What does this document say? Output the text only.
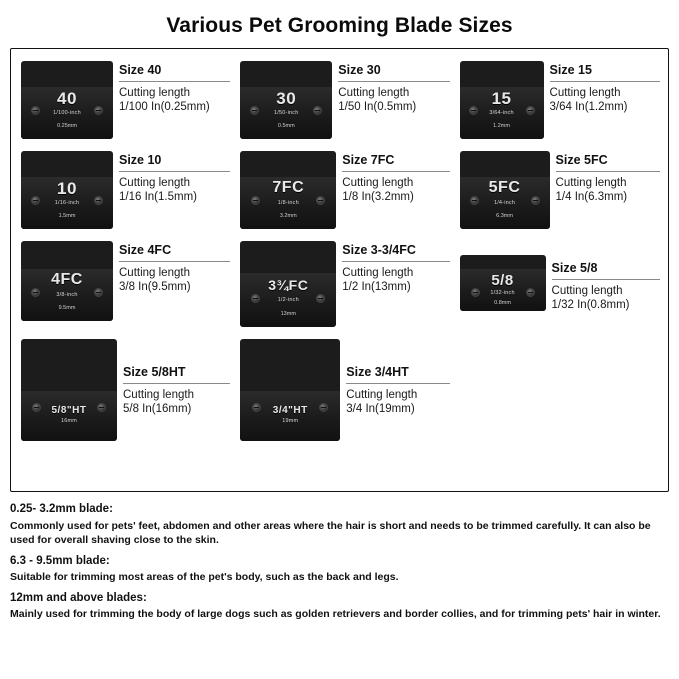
Various Pet Grooming Blade Sizes
40
1/100-inch
0.25mm
Size 40
Cutting length
1/100 In(0.25mm)	30
1/50-inch
0.5mm
Size 30
Cutting length
1/50 In(0.5mm)	15
3/64-inch
1.2mm
Size 15
Cutting length
3/64 In(1.2mm)
10
1/16-inch
1.5mm
Size 10
Cutting length
1/16 In(1.5mm)
7FC
1/8-inch
3.2mm
Size 7FC
Cutting length
1/8 In(3.2mm)
5FC
1/4-inch
6.3mm
Size 5FC
Cutting length
1/4 In(6.3mm)
4FC
3/8-inch
9.5mm
Size 4FC
Cutting length
3/8 In(9.5mm)	3¾FC
1/2-inch
13mm
Size 3-3/4FC
Cutting length
1/2 In(13mm)	5/8
1/32-inch
0.8mm
Size 5/8
Cutting length
1/32 In(0.8mm)
5/8"HT
16mm
Size 5/8HT
Cutting length
5/8 In(16mm)	3/4"HT
19mm
Size 3/4HT
Cutting length
3/4 In(19mm)
0.25- 3.2mm blade:
Commonly used for pets' feet, abdomen and other areas where the hair is short and needs to be trimmed carefully. It can also be used for overall shaving close to the skin.
6.3 - 9.5mm blade:
Suitable for trimming most areas of the pet's body, such as the back and legs.
12mm and above blades:
Mainly used for trimming the body of large dogs such as golden retrievers and border collies, and for trimming pets' hair in winter.
